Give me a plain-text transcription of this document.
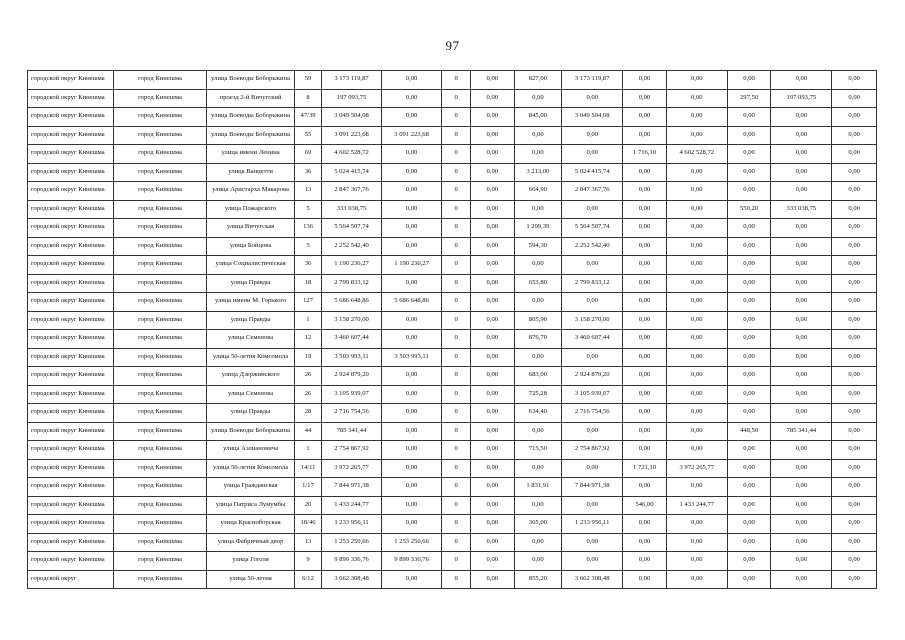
97
городской округ Кинешма	город Кинешма	улица Воеводы Боборыкина	59	3 173 119,87	0,00	0	0,00	827,00	3 173 119,87	0,00	0,00	0,00	0,00	0,00
городской округ Кинешма	город Кинешма	проезд 2-й Вичугский	8	197 093,75	0,00	0	0,00	0,00	0,00	0,00	0,00	297,50	197 093,75	0,00
городской округ Кинешма	город Кинешма	улица Воеводы Боборыкина	47/39	3 049 504,08	0,00	0	0,00	845,00	3 049 504,08	0,00	0,00	0,00	0,00	0,00
городской округ Кинешма	город Кинешма	улица Воеводы Боборыкина	55	3 091 223,68	3 091 223,68	0	0,00	0,00	0,00	0,00	0,00	0,00	0,00	0,00
городской округ Кинешма	город Кинешма	улица имени Ленина	69	4 602 528,72	0,00	0	0,00	0,00	0,00	1 716,10	4 602 528,72	0,00	0,00	0,00
городской округ Кинешма	город Кинешма	улица Ванцетти	36	5 024 415,74	0,00	0	0,00	3 213,00	5 024 415,74	0,00	0,00	0,00	0,00	0,00
городской округ Кинешма	город Кинешма	улица Аристарха Макарова	13	2 847 367,76	0,00	0	0,00	664,90	2 847 367,76	0,00	0,00	0,00	0,00	0,00
городской округ Кинешма	город Кинешма	улица Пожарского	5	333 038,75	0,00	0	0,00	0,00	0,00	0,00	0,00	550,20	333 038,75	0,00
городской округ Кинешма	город Кинешма	улица Вичугская	136	5 564 507,74	0,00	0	0,00	1 299,39	5 564 507,74	0,00	0,00	0,00	0,00	0,00
городской округ Кинешма	город Кинешма	улица Бойцова	5	2 252 542,40	0,00	0	0,00	594,30	2 252 542,40	0,00	0,00	0,00	0,00	0,00
городской округ Кинешма	город Кинешма	улица Социалистическая	36	1 190 236,27	1 190 236,27	0	0,00	0,00	0,00	0,00	0,00	0,00	0,00	0,00
городской округ Кинешма	город Кинешма	улица Правды	18	2 799 833,12	0,00	0	0,00	653,80	2 799 833,12	0,00	0,00	0,00	0,00	0,00
городской округ Кинешма	город Кинешма	улица имени М. Горького	127	5 686 648,86	5 686 648,86	0	0,00	0,00	0,00	0,00	0,00	0,00	0,00	0,00
городской округ Кинешма	город Кинешма	улица Правды	1	3 158 270,00	0,00	0	0,00	805,90	3 158 270,00	0,00	0,00	0,00	0,00	0,00
городской округ Кинешма	город Кинешма	улица Семенова	12	3 460 607,44	0,00	0	0,00	876,70	3 460 607,44	0,00	0,00	0,00	0,00	0,00
городской округ Кинешма	город Кинешма	улица 50-летия Комсомола	19	3 503 993,11	3 503 993,11	0	0,00	0,00	0,00	0,00	0,00	0,00	0,00	0,00
городской округ Кинешма	город Кинешма	улица Дзержинского	26	2 924 879,20	0,00	0	0,00	683,00	2 924 879,20	0,00	0,00	0,00	0,00	0,00
городской округ Кинешма	город Кинешма	улица Семенова	26	3 105 939,07	0,00	0	0,00	725,28	3 105 939,07	0,00	0,00	0,00	0,00	0,00
городской округ Кинешма	город Кинешма	улица Правды	28	2 716 754,56	0,00	0	0,00	634,40	2 716 754,56	0,00	0,00	0,00	0,00	0,00
городской округ Кинешма	город Кинешма	улица Воеводы Боборыкина	44	785 341,44	0,00	0	0,00	0,00	0,00	0,00	0,00	448,50	785 341,44	0,00
городской округ Кинешма	город Кинешма	улица Аэлиановича	1	2 754 867,92	0,00	0	0,00	715,50	2 754 867,92	0,00	0,00	0,00	0,00	0,00
городской округ Кинешма	город Кинешма	улица 50-летия Комсомола	14/11	3 972 265,77	0,00	0	0,00	0,00	0,00	1 721,10	3 972 265,77	0,00	0,00	0,00
городской округ Кинешма	город Кинешма	улица Гражданская	1/17	7 844 971,38	0,00	0	0,00	1 831,91	7 844 971,38	0,00	0,00	0,00	0,00	0,00
городской округ Кинешма	город Кинешма	улица Патриса Лумумбы	20	1 433 244,77	0,00	0	0,00	0,00	0,00	546,00	1 433 244,77	0,00	0,00	0,00
городской округ Кинешма	город Кинешма	улица Красноборская	18/46	1 233 956,11	0,00	0	0,00	365,00	1 233 956,11	0,00	0,00	0,00	0,00	0,00
городской округ Кинешма	город Кинешма	улица Фабричный двор	13	1 253 250,66	1 253 250,66	0	0,00	0,00	0,00	0,00	0,00	0,00	0,00	0,00
городской округ Кинешма	город Кинешма	улица Гоголя	9	9 899 336,76	9 899 336,76	0	0,00	0,00	0,00	0,00	0,00	0,00	0,00	0,00
городской округ	город Кинешма	улица 50-летия	6/12	3 662 308,48	0,00	0	0,00	855,20	3 662 308,48	0,00	0,00	0,00	0,00	0,00
